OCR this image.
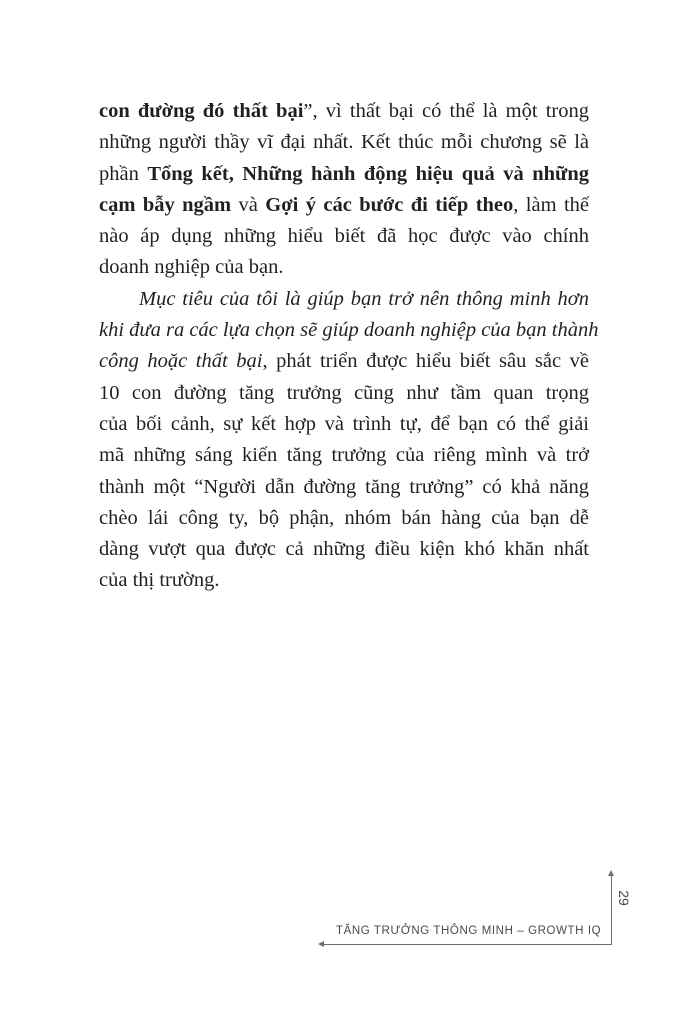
con đường đó thất bại”, vì thất bại có thể là một trong
những người thầy vĩ đại nhất. Kết thúc mỗi chương sẽ là
phần Tổng kết, Những hành động hiệu quả và những
cạm bẫy ngầm và Gợi ý các bước đi tiếp theo, làm thế
nào áp dụng những hiểu biết đã học được vào chính
doanh nghiệp của bạn.
Mục tiêu của tôi là giúp bạn trở nên thông minh hơn
khi đưa ra các lựa chọn sẽ giúp doanh nghiệp của bạn thành
công hoặc thất bại, phát triển được hiểu biết sâu sắc về
10 con đường tăng trưởng cũng như tầm quan trọng
của bối cảnh, sự kết hợp và trình tự, để bạn có thể giải
mã những sáng kiến tăng trưởng của riêng mình và trở
thành một “Người dẫn đường tăng trưởng” có khả năng
chèo lái công ty, bộ phận, nhóm bán hàng của bạn dễ
dàng vượt qua được cả những điều kiện khó khăn nhất
của thị trường.
29
TĂNG TRƯỞNG THÔNG MINH – GROWTH IQ
